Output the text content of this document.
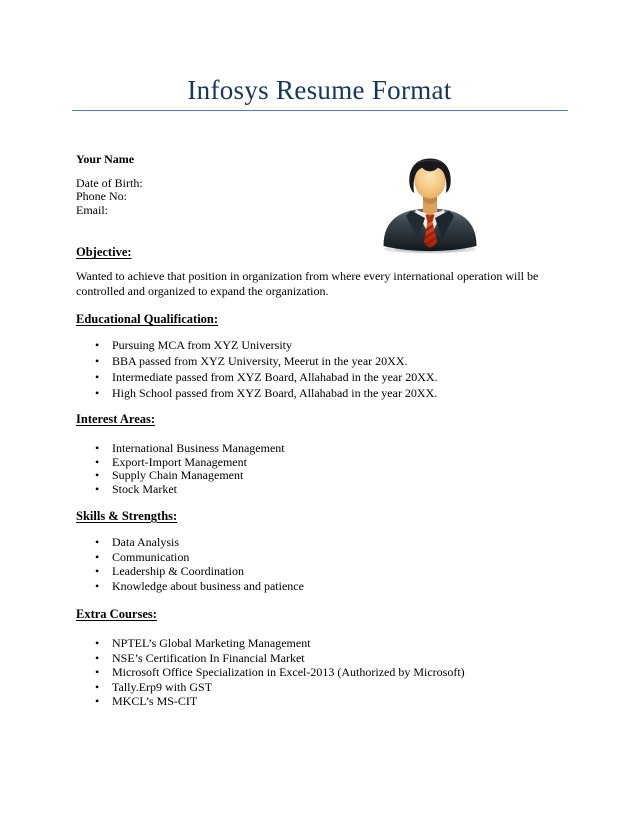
Infosys Resume Format
Your Name
Date of Birth:
Phone No:
Email:
Objective:

Wanted to achieve that position in organization from where every international operation will be controlled and organized to expand the organization.

Educational Qualification:
• Pursuing MCA from XYZ University
• BBA passed from XYZ University, Meerut in the year 20XX.
• Intermediate passed from XYZ Board, Allahabad in the year 20XX.
• High School passed from XYZ Board, Allahabad in the year 20XX.
Interest Areas:
• International Business Management
• Export-Import Management
• Supply Chain Management
• Stock Market
Skills & Strengths:
• Data Analysis
• Communication
• Leadership & Coordination
• Knowledge about business and patience
Extra Courses:
• NPTEL’s Global Marketing Management
• NSE’s Certification In Financial Market
• Microsoft Office Specialization in Excel-2013 (Authorized by Microsoft)
• Tally.Erp9 with GST
• MKCL’s MS-CIT
